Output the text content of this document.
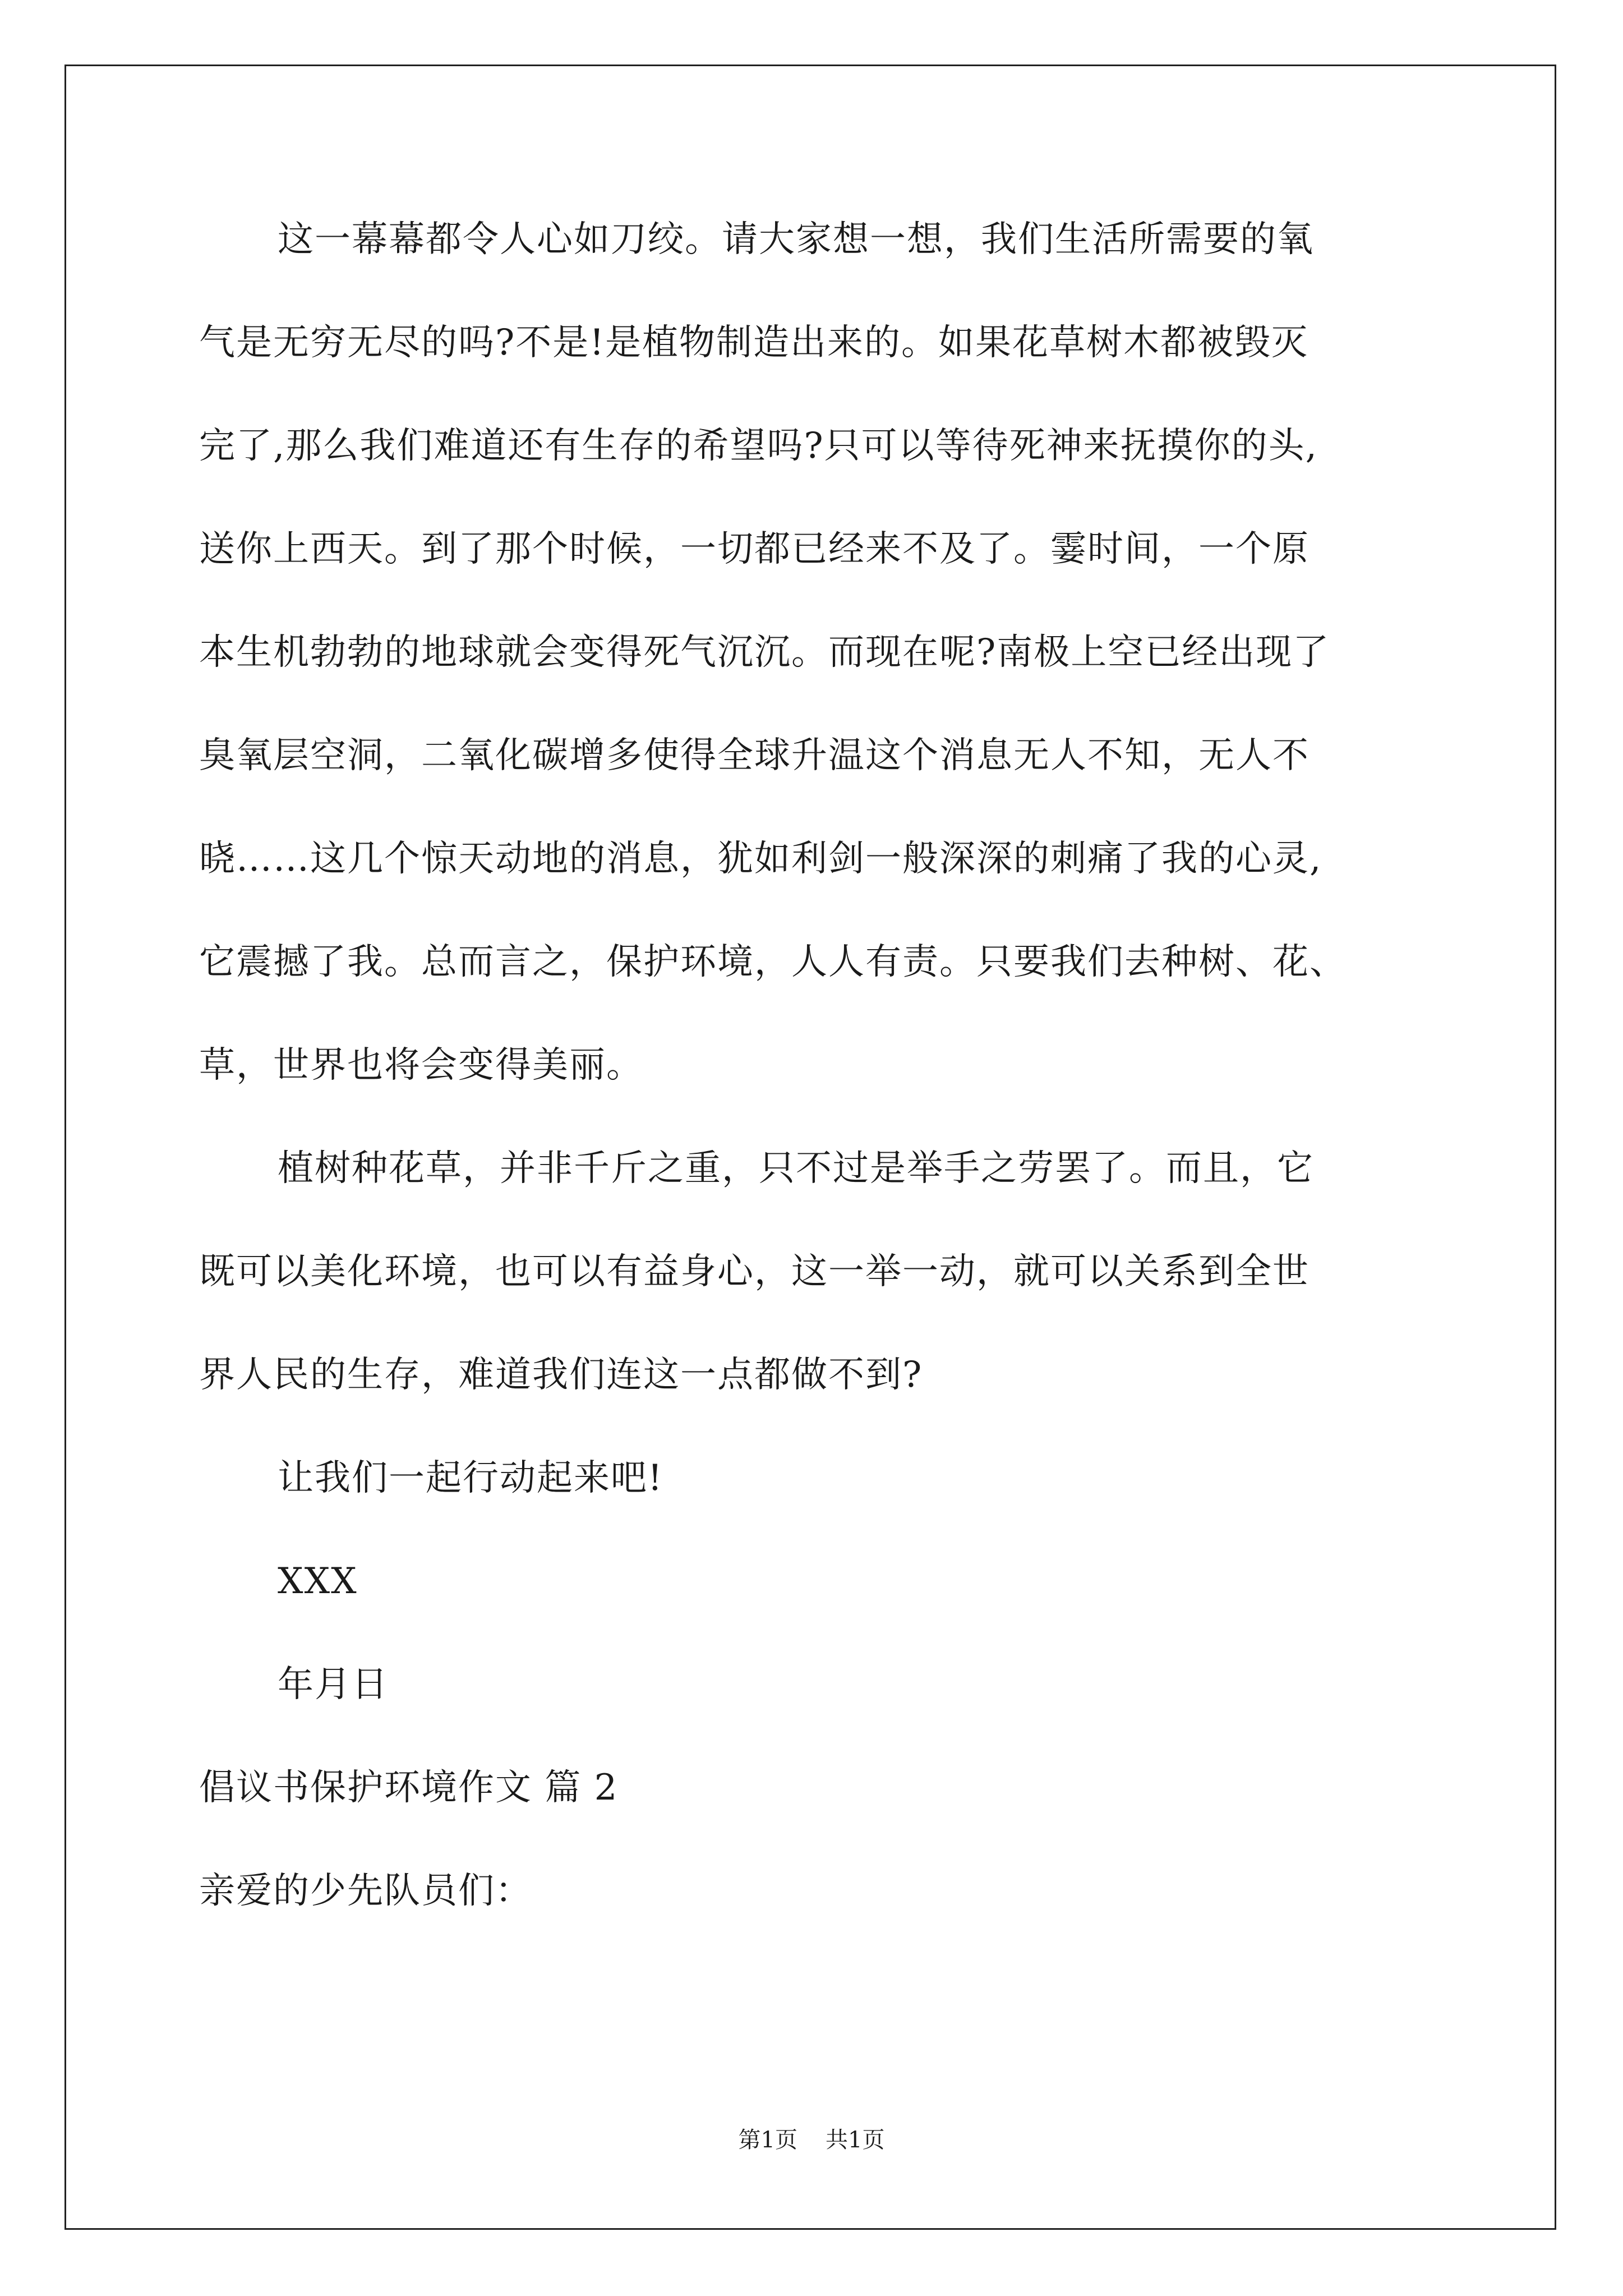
这一幕幕都令人心如刀绞。请大家想一想，我们生活所需要的氧
气是无穷无尽的吗?不是!是植物制造出来的。如果花草树木都被毁灭
完了,那么我们难道还有生存的希望吗?只可以等待死神来抚摸你的头,
送你上西天。到了那个时候，一切都已经来不及了。霎时间，一个原
本生机勃勃的地球就会变得死气沉沉。而现在呢?南极上空已经出现了
臭氧层空洞，二氧化碳增多使得全球升温这个消息无人不知，无人不
晓……这几个惊天动地的消息，犹如利剑一般深深的刺痛了我的心灵,
它震撼了我。总而言之，保护环境，人人有责。只要我们去种树、花、
草，世界也将会变得美丽。
植树种花草，并非千斤之重，只不过是举手之劳罢了。而且，它
既可以美化环境，也可以有益身心，这一举一动，就可以关系到全世
界人民的生存，难道我们连这一点都做不到?
让我们一起行动起来吧!
XXX
年月日
倡议书保护环境作文 篇 2
亲爱的少先队员们：
第1页 共1页
